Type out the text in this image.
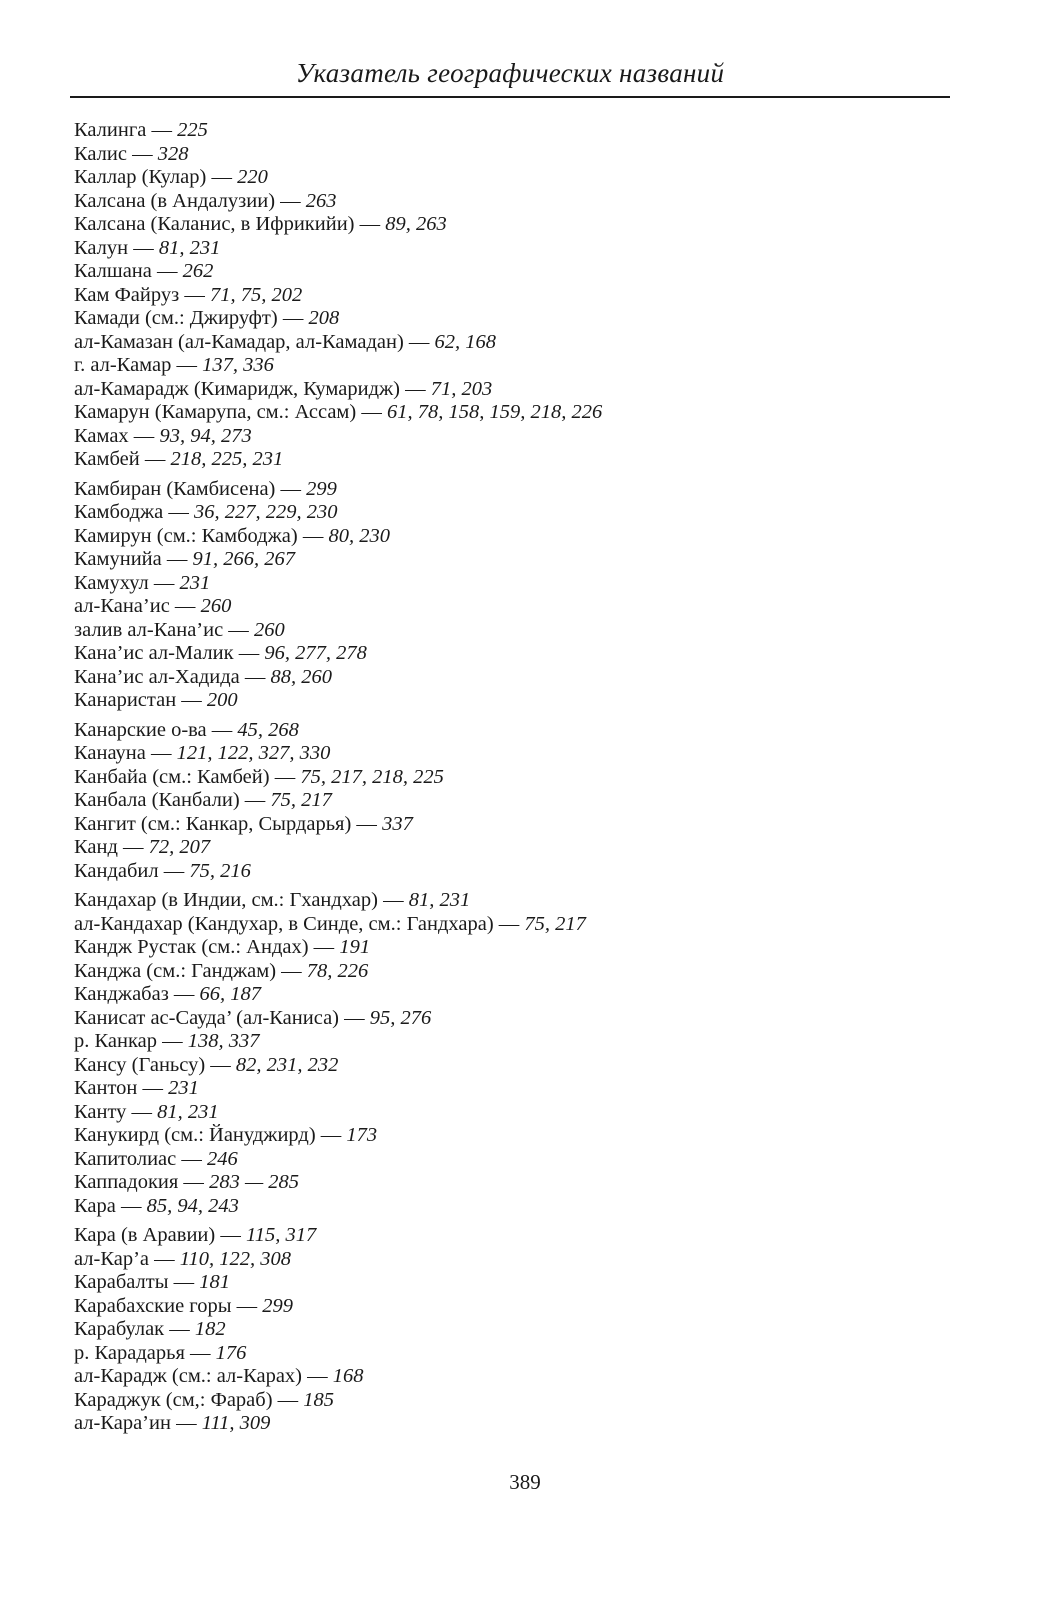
Указатель географических названий
Калинга — 225
Калис — 328
Каллар (Кулар) — 220
Калсана (в Андалузии) — 263
Калсана (Каланис, в Ифрикийи) — 89, 263
Калун — 81, 231
Калшана — 262
Кам Файруз — 71, 75, 202
Камади (см.: Джируфт) — 208
ал-Камазан (ал-Камадар, ал-Камадан) — 62, 168
г. ал-Камар — 137, 336
ал-Камарадж (Кимаридж, Кумаридж) — 71, 203
Камарун (Камарупа, см.: Ассам) — 61, 78, 158, 159, 218, 226
Камах — 93, 94, 273
Камбей — 218, 225, 231
Камбиран (Камбисена) — 299
Камбоджа — 36, 227, 229, 230
Камирун (см.: Камбоджа) — 80, 230
Камунийа — 91, 266, 267
Камухул — 231
ал-Кана’ис — 260
залив ал-Кана’ис — 260
Кана’ис ал-Малик — 96, 277, 278
Кана’ис ал-Хадида — 88, 260
Канаристан — 200
Канарские о-ва — 45, 268
Канауна — 121, 122, 327, 330
Канбайа (см.: Камбей) — 75, 217, 218, 225
Канбала (Канбали) — 75, 217
Кангит (см.: Канкар, Сырдарья) — 337
Канд — 72, 207
Кандабил — 75, 216
Кандахар (в Индии, см.: Гхандхар) — 81, 231
ал-Кандахар (Кандухар, в Синде, см.: Гандхара) — 75, 217
Кандж Рустак (см.: Андах) — 191
Канджа (см.: Ганджам) — 78, 226
Канджабаз — 66, 187
Канисат ас-Сауда’ (ал-Каниса) — 95, 276
р. Канкар — 138, 337
Кансу (Ганьсу) — 82, 231, 232
Кантон — 231
Канту — 81, 231
Канукирд (см.: Йануджирд) — 173
Капитолиас — 246
Каппадокия — 283 — 285
Кара — 85, 94, 243
Кара (в Аравии) — 115, 317
ал-Кар’а — 110, 122, 308
Карабалты — 181
Карабахские горы — 299
Карабулак — 182
р. Карадарья — 176
ал-Карадж (см.: ал-Карах) — 168
Караджук (см,: Фараб) — 185
ал-Кара’ин — 111, 309
389
